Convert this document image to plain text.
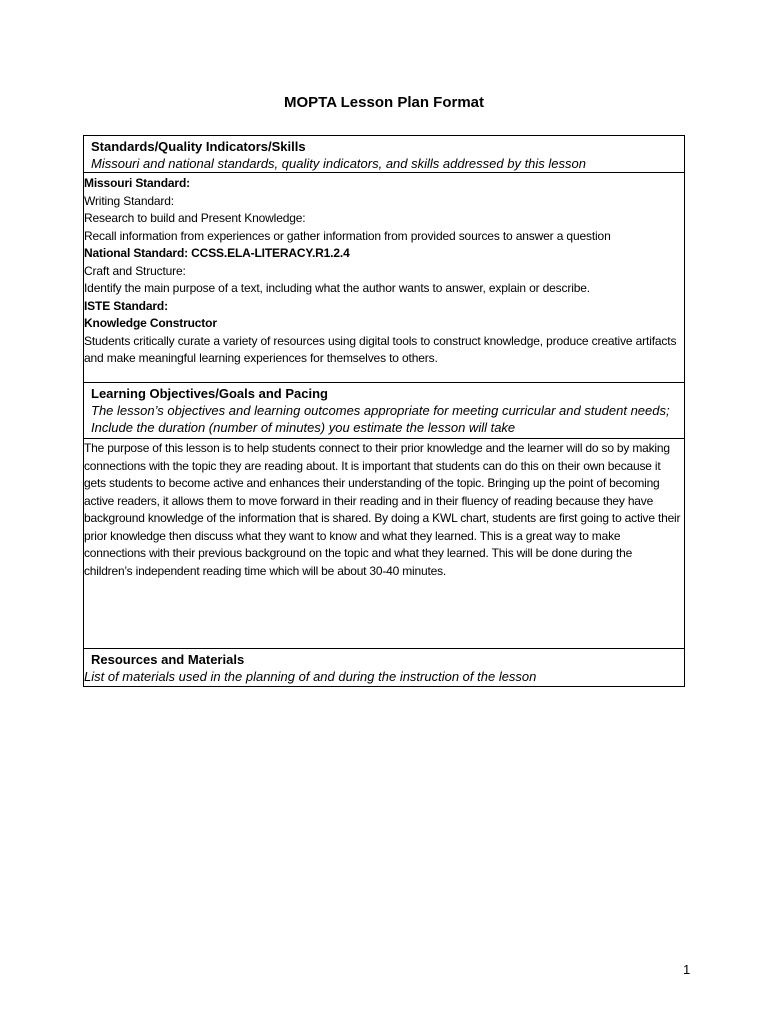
MOPTA Lesson Plan Format
Standards/Quality Indicators/Skills
Missouri and national standards, quality indicators, and skills addressed by this lesson
Missouri Standard:
Writing Standard:
Research to build and Present Knowledge:
Recall information from experiences or gather information from provided sources to answer a question
National Standard: CCSS.ELA-LITERACY.R1.2.4
Craft and Structure:
Identify the main purpose of a text, including what the author wants to answer, explain or describe.
ISTE Standard:
Knowledge Constructor
Students critically curate a variety of resources using digital tools to construct knowledge, produce creative artifacts and make meaningful learning experiences for themselves to others.
Learning Objectives/Goals and Pacing
The lesson’s objectives and learning outcomes appropriate for meeting curricular and student needs; Include the duration (number of minutes) you estimate the lesson will take
The purpose of this lesson is to help students connect to their prior knowledge and the learner will do so by making connections with the topic they are reading about. It is important that students can do this on their own because it gets students to become active and enhances their understanding of the topic. Bringing up the point of becoming active readers, it allows them to move forward in their reading and in their fluency of reading because they have background knowledge of the information that is shared. By doing a KWL chart, students are first going to active their prior knowledge then discuss what they want to know and what they learned. This is a great way to make connections with their previous background on the topic and what they learned. This will be done during the children’s independent reading time which will be about 30-40 minutes.
Resources and Materials
List of materials used in the planning of and during the instruction of the lesson
1
